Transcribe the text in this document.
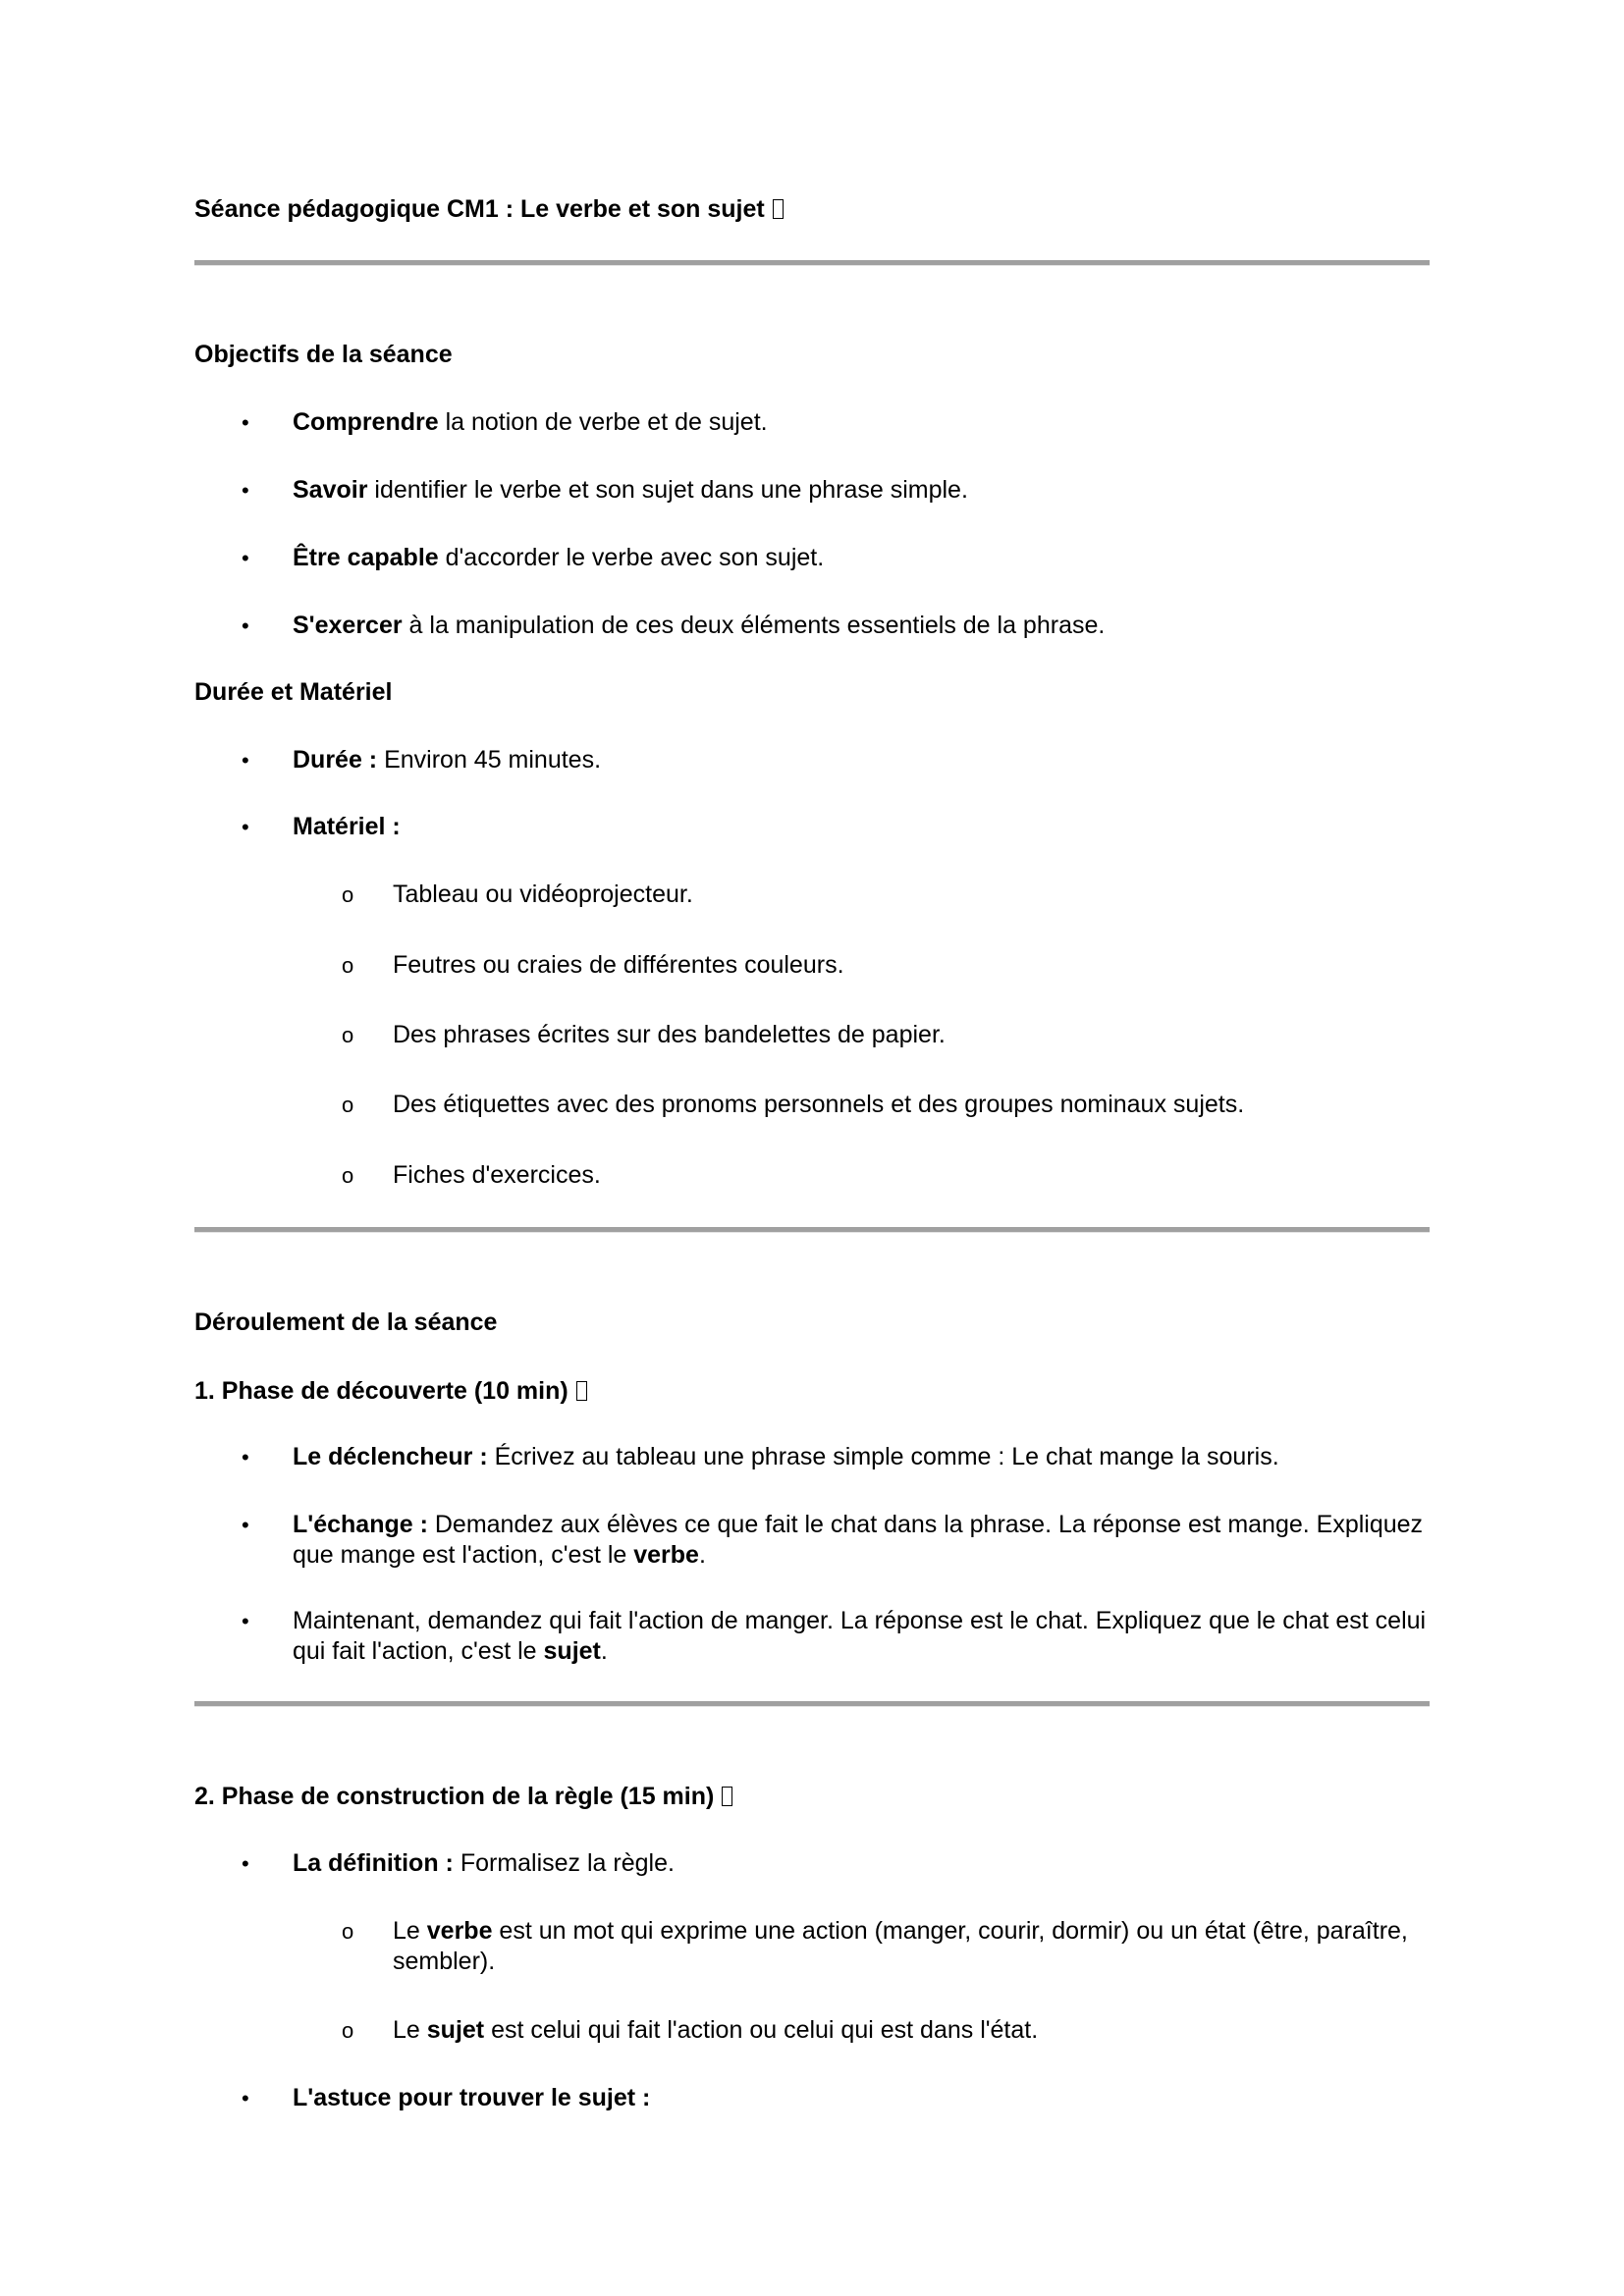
Séance pédagogique CM1 : Le verbe et son sujet
Objectifs de la séance
• Comprendre la notion de verbe et de sujet.
• Savoir identifier le verbe et son sujet dans une phrase simple.
• Être capable d'accorder le verbe avec son sujet.
• S'exercer à la manipulation de ces deux éléments essentiels de la phrase.
Durée et Matériel
• Durée : Environ 45 minutes.
• Matériel :
o Tableau ou vidéoprojecteur.
o Feutres ou craies de différentes couleurs.
o Des phrases écrites sur des bandelettes de papier.
o Des étiquettes avec des pronoms personnels et des groupes nominaux sujets.
o Fiches d'exercices.
Déroulement de la séance
1. Phase de découverte (10 min)
• Le déclencheur : Écrivez au tableau une phrase simple comme : Le chat mange la souris.
• L'échange : Demandez aux élèves ce que fait le chat dans la phrase. La réponse est mange. Expliquez que mange est l'action, c'est le verbe.
• Maintenant, demandez qui fait l'action de manger. La réponse est le chat. Expliquez que le chat est celui qui fait l'action, c'est le sujet.
2. Phase de construction de la règle (15 min)
• La définition : Formalisez la règle.
o Le verbe est un mot qui exprime une action (manger, courir, dormir) ou un état (être, paraître, sembler).
o Le sujet est celui qui fait l'action ou celui qui est dans l'état.
• L'astuce pour trouver le sujet :
